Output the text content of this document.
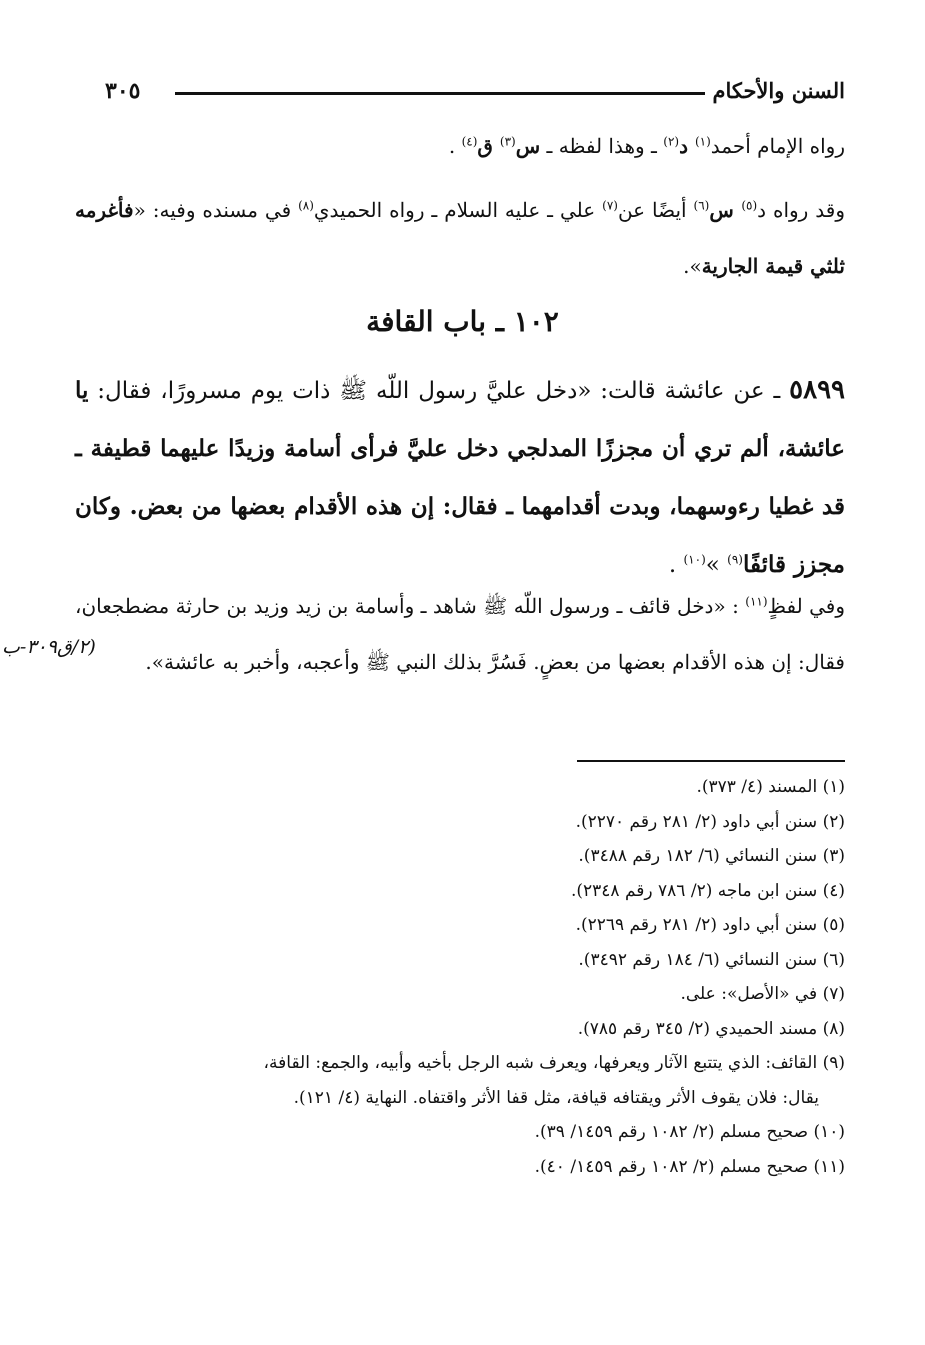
السنن والأحكام
٣٠٥

رواه الإمام أحمد$^{(١)}$ د$^{(٢)}$ ـ وهذا لفظه ـ س$^{(٣)}$ ق$^{(٤)}$ .

وقد رواه د$^{(٥)}$ س$^{(٦)}$ أيضًا عن$^{(٧)}$ علي ـ عليه السلام ـ رواه الحميدي$^{(٨)}$ في مسنده وفيه: «فأغرمه ثلثي قيمة الجارية».

١٠٢ ـ باب القافة

٥٨٩٩ ـ عن عائشة قالت: «دخل عليَّ رسول اللّه ﷺ ذات يوم مسرورًا، فقال: يا عائشة، ألم تري أن مجززًا المدلجي دخل عليَّ فرأى أسامة وزيدًا عليهما قطيفة ـ قد غطيا رءوسهما، وبدت أقدامهما ـ فقال: إن هذه الأقدام بعضها من بعض. وكان مجزز قائفًا$^{(٩)}$ »$^{(١٠)}$ .

وفي لفظٍ$^{(١١)}$ : «دخل قائف ـ ورسول اللّه ﷺ شاهد ـ وأسامة بن زيد وزيد بن حارثة مضطجعان، فقال: إن هذه الأقدام بعضها من بعضٍ. فَسُرَّ بذلك النبي ﷺ وأعجبه، وأخبر به عائشة».

(٢/ق٣٠٩-ب

(١) المسند (٤/ ٣٧٣).

(٢) سنن أبي داود (٢/ ٢٨١ رقم ٢٢٧٠).

(٣) سنن النسائي (٦/ ١٨٢ رقم ٣٤٨٨).

(٤) سنن ابن ماجه (٢/ ٧٨٦ رقم ٢٣٤٨).

(٥) سنن أبي داود (٢/ ٢٨١ رقم ٢٢٦٩).

(٦) سنن النسائي (٦/ ١٨٤ رقم ٣٤٩٢).

(٧) في «الأصل»: على.

(٨) مسند الحميدي (٢/ ٣٤٥ رقم ٧٨٥).

(٩) القائف: الذي يتتبع الآثار ويعرفها، ويعرف شبه الرجل بأخيه وأبيه، والجمع: القافة،

يقال: فلان يقوف الأثر ويقتافه قيافة، مثل قفا الأثر واقتفاه. النهاية (٤/ ١٢١).

(١٠) صحيح مسلم (٢/ ١٠٨٢ رقم ١٤٥٩/ ٣٩).

(١١) صحيح مسلم (٢/ ١٠٨٢ رقم ١٤٥٩/ ٤٠).
